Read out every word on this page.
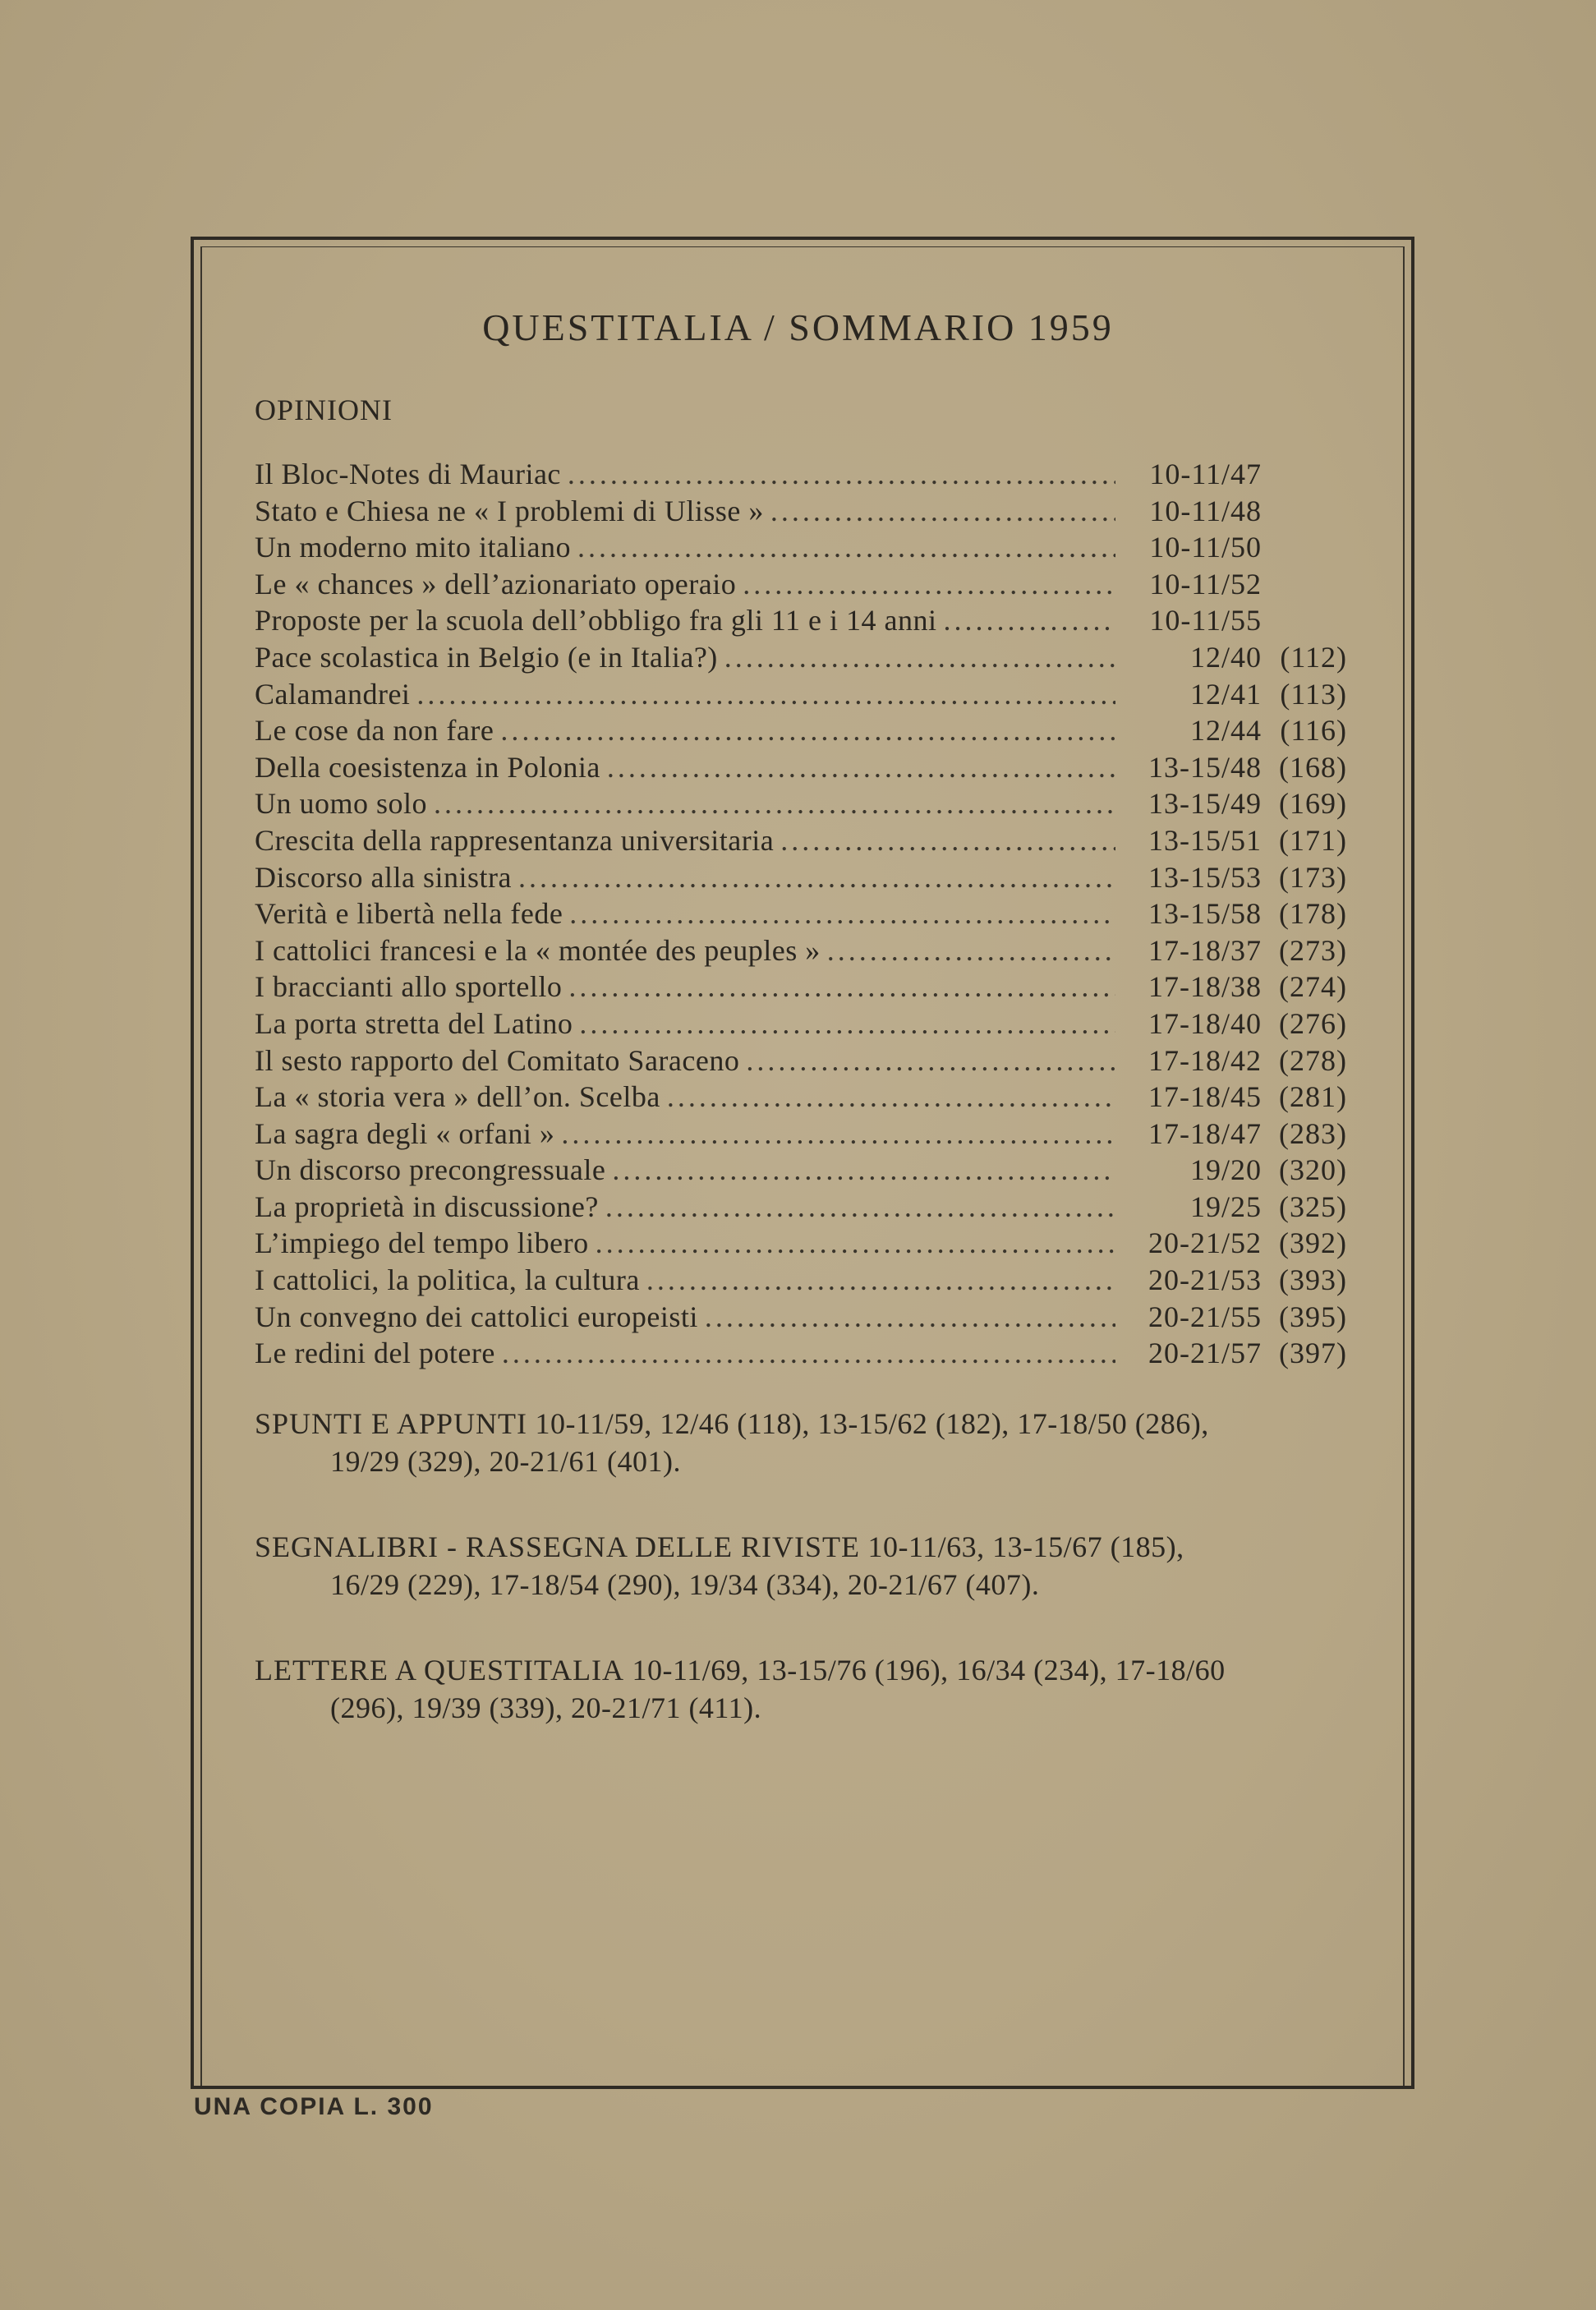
QUESTITALIA / SOMMARIO 1959
OPINIONI
Il Bloc-Notes di Mauriac .....	10-11/47
Stato e Chiesa ne « I problemi di Ulisse » .....	10-11/48
Un moderno mito italiano .....	10-11/50
Le « chances » dell’azionariato operaio .....	10-11/52
Proposte per la scuola dell’obbligo fra gli 11 e i 14 anni .....	10-11/55
Pace scolastica in Belgio (e in Italia?) .....	12/40 (112)
Calamandrei .....	12/41 (113)
Le cose da non fare .....	12/44 (116)
Della coesistenza in Polonia .....	13-15/48 (168)
Un uomo solo .....	13-15/49 (169)
Crescita della rappresentanza universitaria .....	13-15/51 (171)
Discorso alla sinistra .....	13-15/53 (173)
Verità e libertà nella fede .....	13-15/58 (178)
I cattolici francesi e la « montée des peuples » .....	17-18/37 (273)
I braccianti allo sportello .....	17-18/38 (274)
La porta stretta del Latino .....	17-18/40 (276)
Il sesto rapporto del Comitato Saraceno .....	17-18/42 (278)
La « storia vera » dell’on. Scelba .....	17-18/45 (281)
La sagra degli « orfani » .....	17-18/47 (283)
Un discorso precongressuale .....	19/20 (320)
La proprietà in discussione? .....	19/25 (325)
L’impiego del tempo libero .....	20-21/52 (392)
I cattolici, la politica, la cultura .....	20-21/53 (393)
Un convegno dei cattolici europeisti .....	20-21/55 (395)
Le redini del potere .....	20-21/57 (397)
SPUNTI E APPUNTI 10-11/59, 12/46 (118), 13-15/62 (182), 17-18/50 (286),
19/29 (329), 20-21/61 (401).
SEGNALIBRI - RASSEGNA DELLE RIVISTE 10-11/63, 13-15/67 (185),
16/29 (229), 17-18/54 (290), 19/34 (334), 20-21/67 (407).
LETTERE A QUESTITALIA 10-11/69, 13-15/76 (196), 16/34 (234), 17-18/60
(296), 19/39 (339), 20-21/71 (411).
UNA COPIA L. 300
